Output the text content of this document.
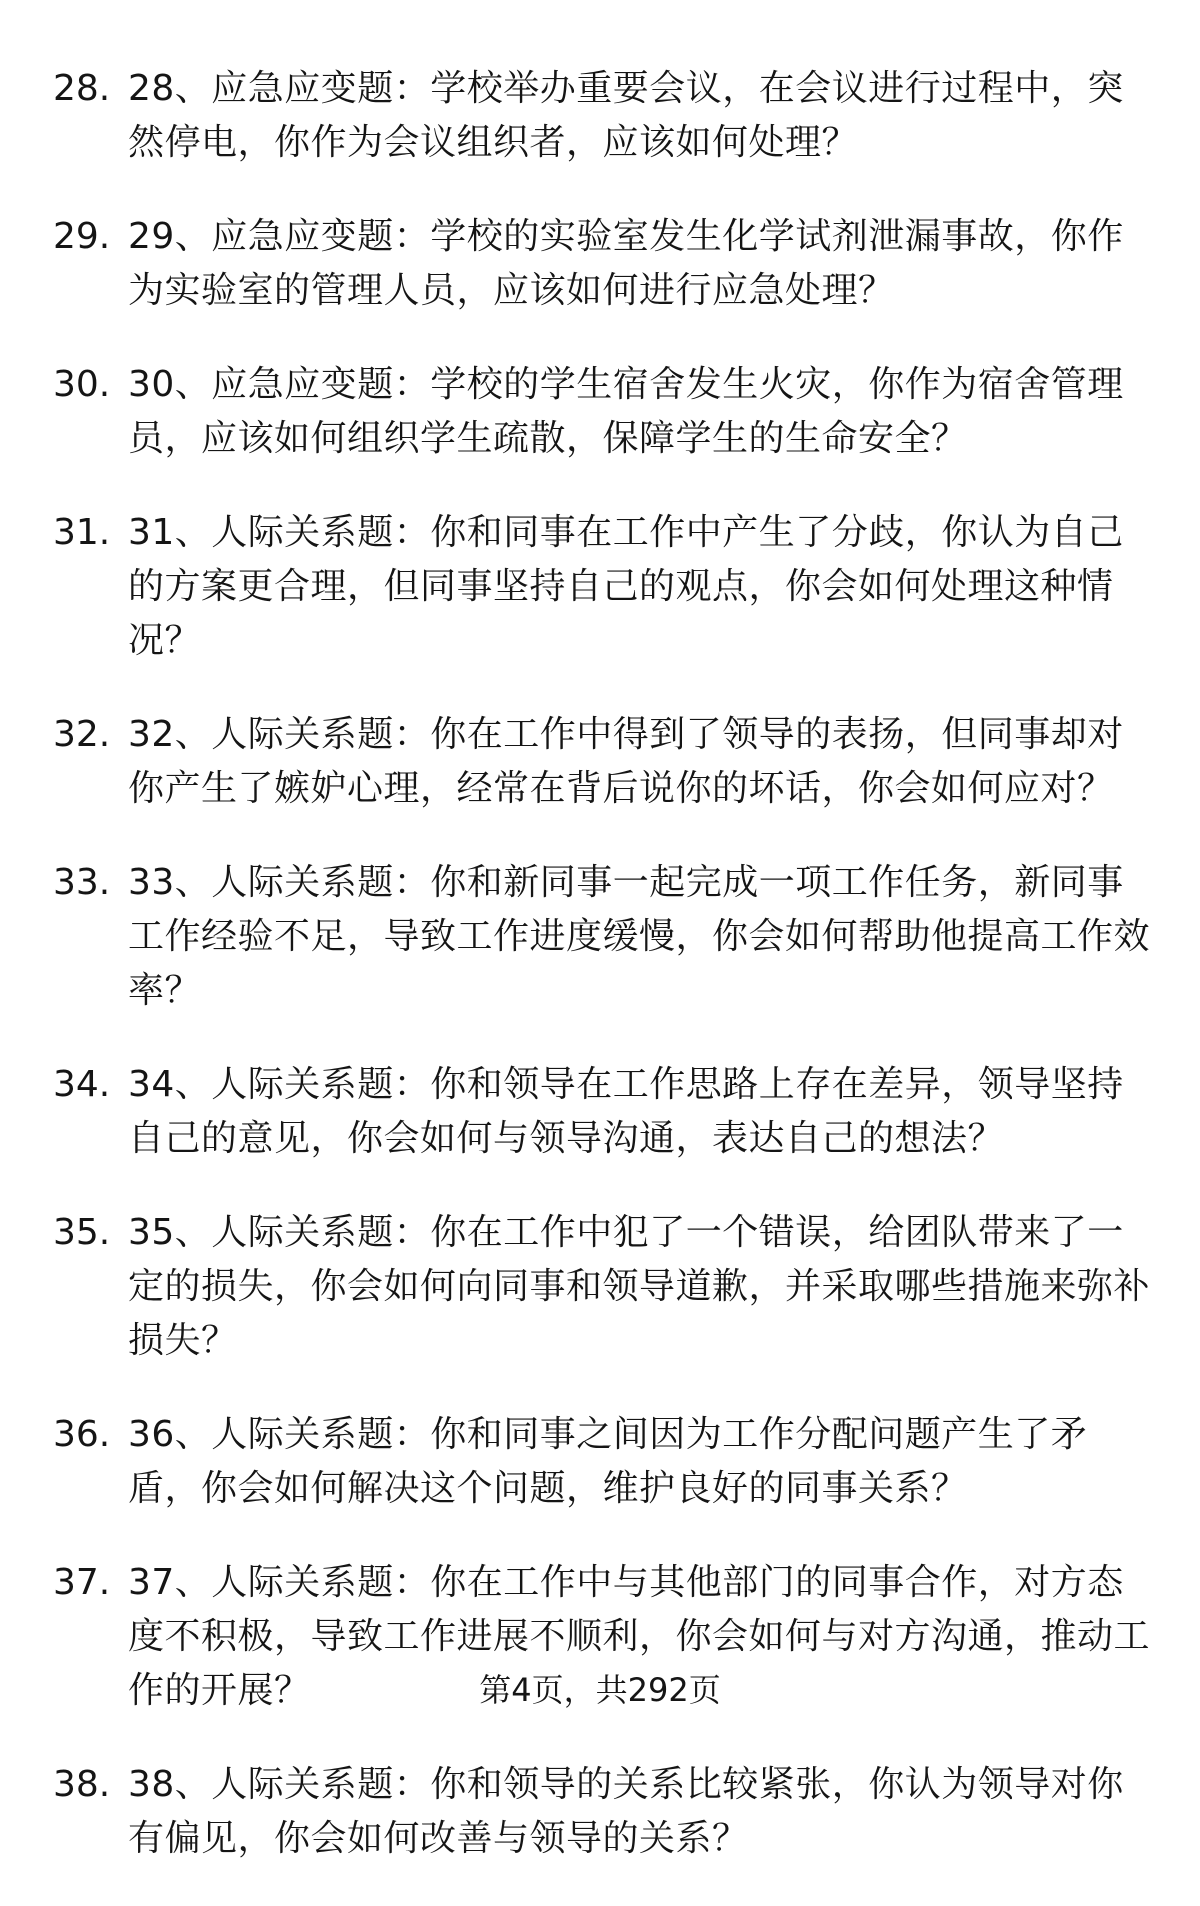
28. 28、应急应变题：学校举办重要会议，在会议进行过程中，突然停电，你作为会议组织者，应该如何处理？
29. 29、应急应变题：学校的实验室发生化学试剂泄漏事故，你作为实验室的管理人员，应该如何进行应急处理？
30. 30、应急应变题：学校的学生宿舍发生火灾，你作为宿舍管理员，应该如何组织学生疏散，保障学生的生命安全？
31. 31、人际关系题：你和同事在工作中产生了分歧，你认为自己的方案更合理，但同事坚持自己的观点，你会如何处理这种情况？
32. 32、人际关系题：你在工作中得到了领导的表扬，但同事却对你产生了嫉妒心理，经常在背后说你的坏话，你会如何应对？
33. 33、人际关系题：你和新同事一起完成一项工作任务，新同事工作经验不足，导致工作进度缓慢，你会如何帮助他提高工作效率？
34. 34、人际关系题：你和领导在工作思路上存在差异，领导坚持自己的意见，你会如何与领导沟通，表达自己的想法？
35. 35、人际关系题：你在工作中犯了一个错误，给团队带来了一定的损失，你会如何向同事和领导道歉，并采取哪些措施来弥补损失？
36. 36、人际关系题：你和同事之间因为工作分配问题产生了矛盾，你会如何解决这个问题，维护良好的同事关系？
37. 37、人际关系题：你在工作中与其他部门的同事合作，对方态度不积极，导致工作进展不顺利，你会如何与对方沟通，推动工作的开展？
38. 38、人际关系题：你和领导的关系比较紧张，你认为领导对你有偏见，你会如何改善与领导的关系？
第4页，共292页
